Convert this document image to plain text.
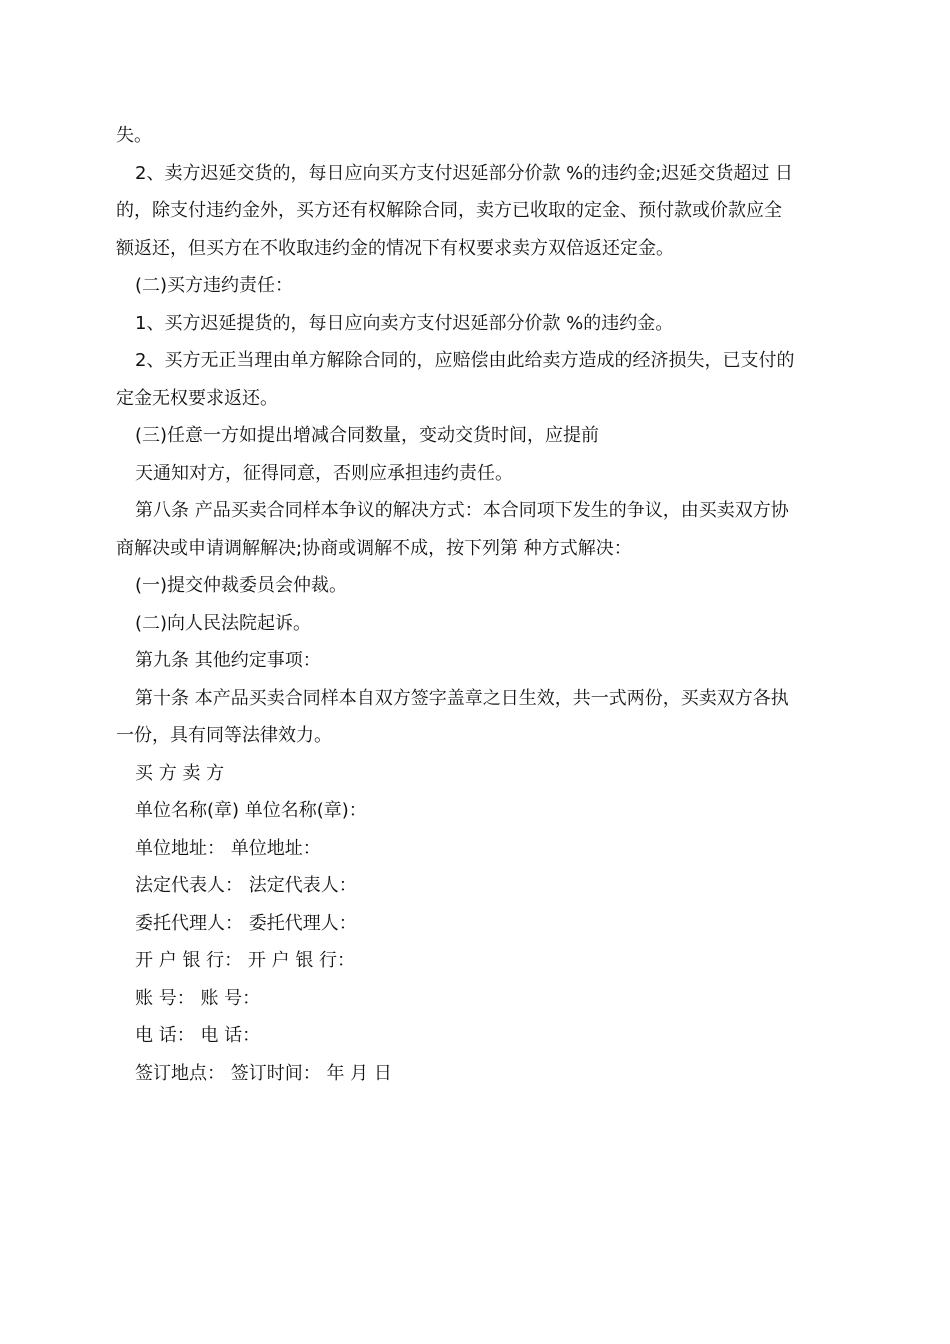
失。
2、卖方迟延交货的，每日应向买方支付迟延部分价款 %的违约金;迟延交货超过 日
的，除支付违约金外，买方还有权解除合同，卖方已收取的定金、预付款或价款应全
额返还，但买方在不收取违约金的情况下有权要求卖方双倍返还定金。
(二)买方违约责任：
1、买方迟延提货的，每日应向卖方支付迟延部分价款 %的违约金。
2、买方无正当理由单方解除合同的，应赔偿由此给卖方造成的经济损失，已支付的
定金无权要求返还。
(三)任意一方如提出增减合同数量，变动交货时间，应提前
天通知对方，征得同意，否则应承担违约责任。
第八条 产品买卖合同样本争议的解决方式：本合同项下发生的争议，由买卖双方协
商解决或申请调解解决;协商或调解不成，按下列第 种方式解决：
(一)提交仲裁委员会仲裁。
(二)向人民法院起诉。
第九条 其他约定事项：
第十条 本产品买卖合同样本自双方签字盖章之日生效，共一式两份，买卖双方各执
一份，具有同等法律效力。
买 方 卖 方
单位名称(章) 单位名称(章)：
单位地址： 单位地址：
法定代表人： 法定代表人：
委托代理人： 委托代理人：
开 户 银 行： 开 户 银 行：
账 号： 账 号：
电 话： 电 话：
签订地点： 签订时间： 年 月 日
